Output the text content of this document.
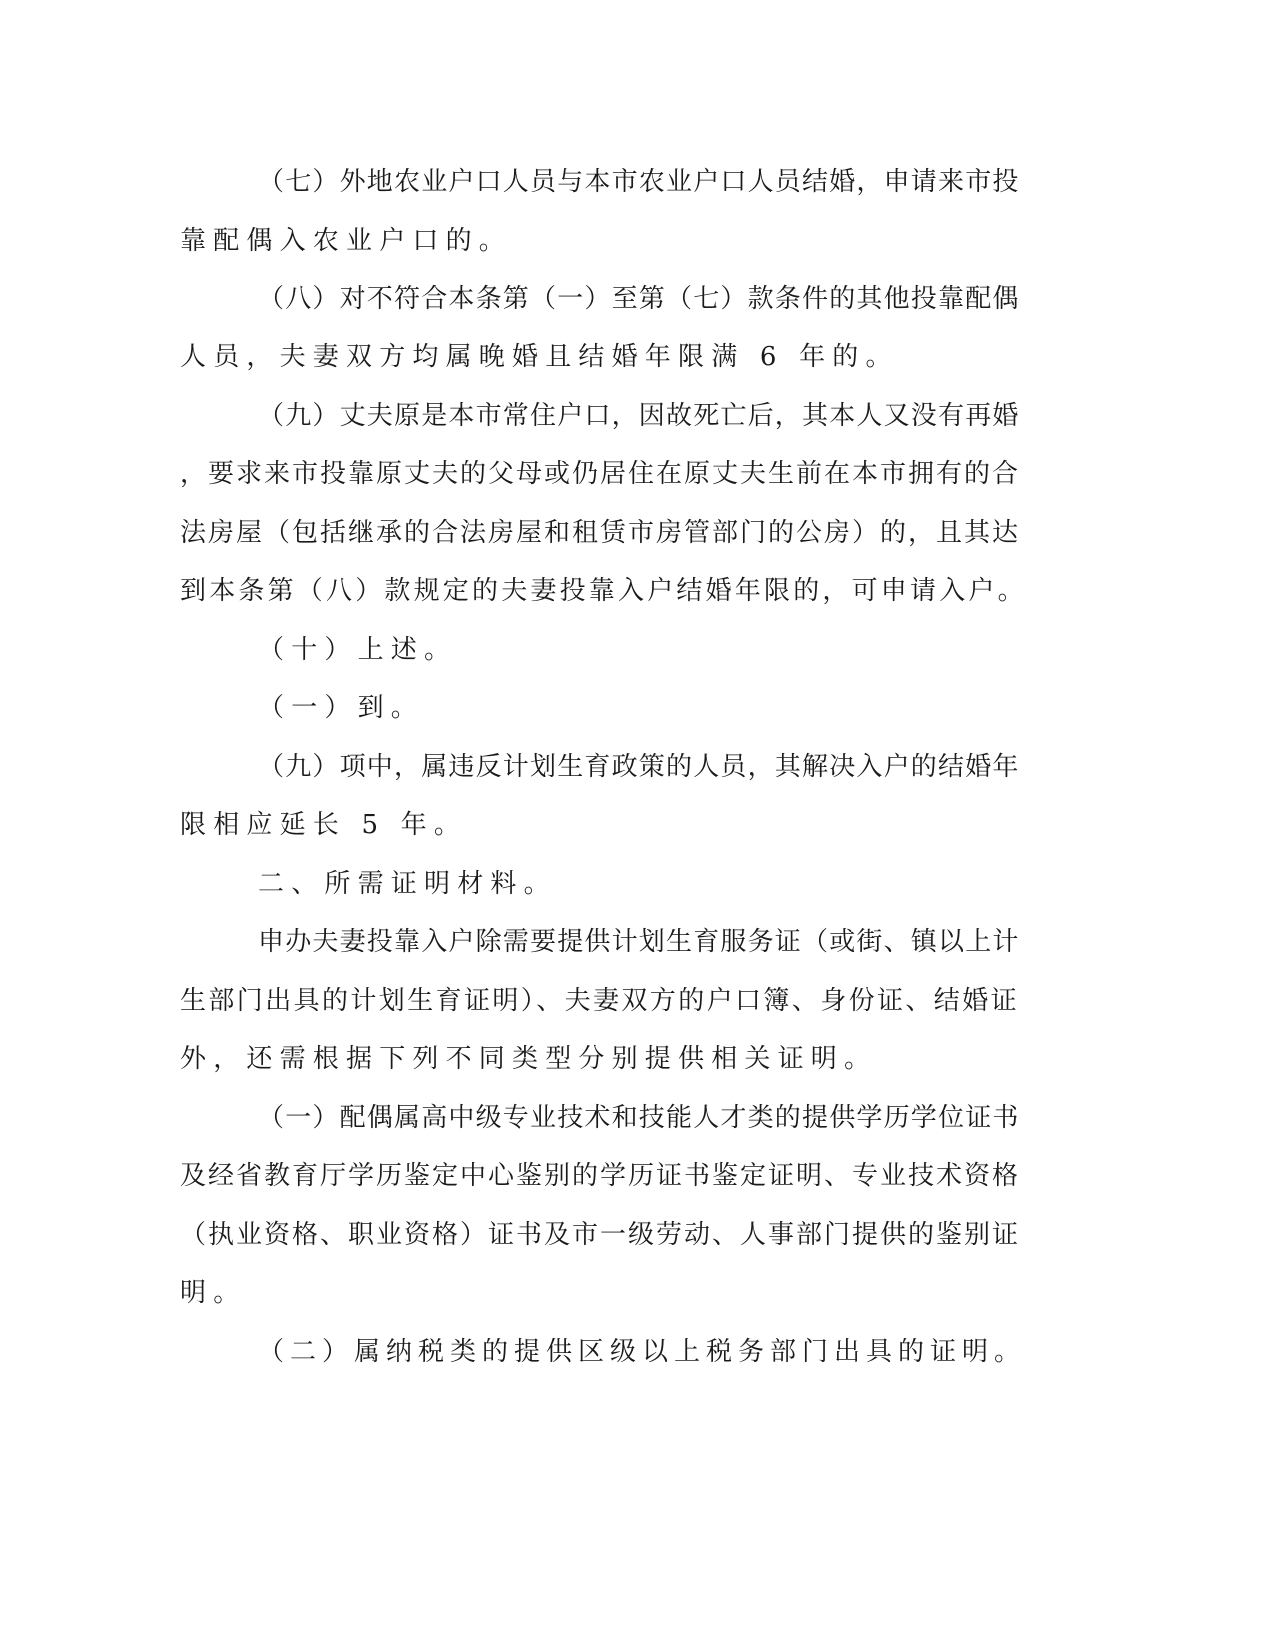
（七）外地农业户口人员与本市农业户口人员结婚，申请来市投
靠配偶入农业户口的。
（八）对不符合本条第（一）至第（七）款条件的其他投靠配偶
人员，夫妻双方均属晚婚且结婚年限满 6 年的。
（九）丈夫原是本市常住户口，因故死亡后，其本人又没有再婚
，要求来市投靠原丈夫的父母或仍居住在原丈夫生前在本市拥有的合
法房屋（包括继承的合法房屋和租赁市房管部门的公房）的，且其达
到本条第（八）款规定的夫妻投靠入户结婚年限的，可申请入户。
（十）上述。
（一）到。
（九）项中，属违反计划生育政策的人员，其解决入户的结婚年
限相应延长 5 年。
二、所需证明材料。
申办夫妻投靠入户除需要提供计划生育服务证（或街、镇以上计
生部门出具的计划生育证明）、夫妻双方的户口簿、身份证、结婚证
外，还需根据下列不同类型分别提供相关证明。
（一）配偶属高中级专业技术和技能人才类的提供学历学位证书
及经省教育厅学历鉴定中心鉴别的学历证书鉴定证明、专业技术资格
（执业资格、职业资格）证书及市一级劳动、人事部门提供的鉴别证
明。
（二）属纳税类的提供区级以上税务部门出具的证明。
